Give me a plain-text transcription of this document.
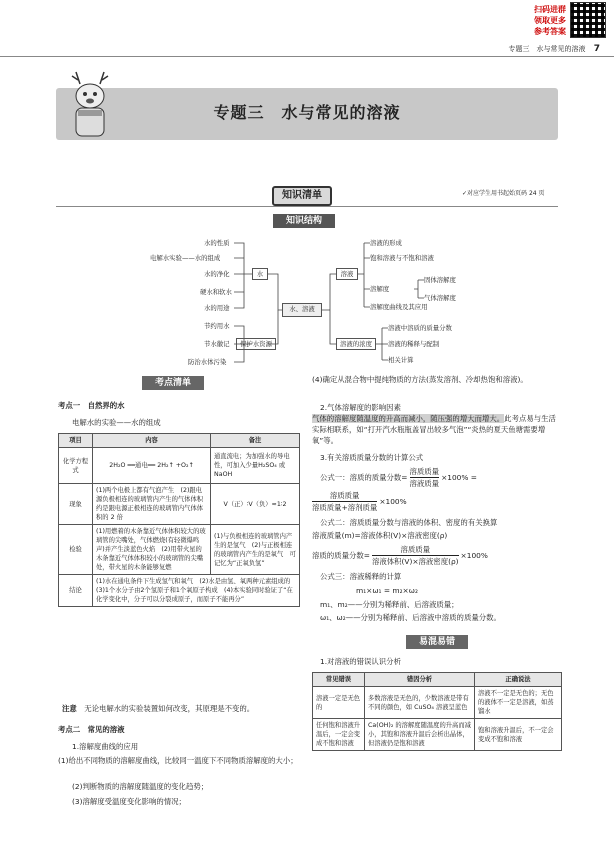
扫码进群
领取更多
参考答案
专题三　水与常见的溶液 7
专题三　水与常见的溶液
知识清单	✓对应学生用书起始页码 24 页
知识结构
水的性质
电解水实验——水的组成
水的净化
硬水和软水
水的用途
水
节约用水
节水徽记
防治水体污染
保护水资源
水、溶液
溶液
溶液的形成
饱和溶液与不饱和溶液
溶解度
固体溶解度
气体溶解度
溶解度曲线及其应用
溶液的浓度
溶液中溶质的质量分数
溶液的稀释与配制
相关计算
考点清单
考点一　自然界的水
电解水的实验——水的组成
项目	内容	备注
化学方程式	2H₂O ══通电══ 2H₂↑ +O₂↑	通直流电；为加强水的导电性，可加入少量H₂SO₄ 或 NaOH
现象	(1)两个电极上都有气泡产生　(2)跟电源负极相连的玻璃管内产生的气体体积约是跟电源正极相连的玻璃管内气体体积的 2 倍	V（正）∶V（负）≈1∶2
检验	(1)用燃着的木条靠近气体体积较大的玻璃管的尖嘴处，气体燃烧(有轻微爆鸣声)并产生淡蓝色火焰　(2)用带火星的木条靠近气体体积较小的玻璃管的尖嘴处，带火星的木条能够复燃	(1)与负极相连的玻璃管内产生的是氢气　(2)与正极相连的玻璃管内产生的是氧气　可记忆为“正氧负氢”
结论	(1)水在通电条件下生成氢气和氧气　(2)水是由氢、氧两种元素组成的　(3)1个水分子由2个氢原子和1个氧原子构成　(4)本实验同时验证了“在化学变化中，分子可以分裂成原子，而原子不能再分”	
注意　 无论电解水的实验装置如何改变，其原理是不变的。
考点二　常见的溶液
1.溶解度曲线的应用
(1)给出不同物质的溶解度曲线，比较同一温度下不同物质溶解度的大小；
(2)判断物质的溶解度随温度的变化趋势；
(3)溶解度受温度变化影响的情况；
(4)确定从混合物中提纯物质的方法(蒸发溶剂、冷却热饱和溶液)。
2.气体溶解度的影响因素
气体的溶解度随温度的升高而减小，随压强的增大而增大。此考点易与生活实际相联系，如“打开汽水瓶瓶盖冒出较多气泡”“炎热的夏天鱼塘需要增氧”等。
3.有关溶质质量分数的计算公式
公式一：溶质的质量分数=
溶质质量
溶液质量
×100% =
溶质质量
溶质质量+溶剂质量
×100%
公式二：溶质质量分数与溶液的体积、密度的有关换算
溶液质量(m)=溶液体积(V)×溶液密度(ρ)
溶质的质量分数=
溶质质量
溶液体积(V)×溶液密度(ρ)
×100%
公式三：溶液稀释的计算
m₁×ω₁ = m₂×ω₂
m₁、m₂——分别为稀释前、后溶液质量；
ω₁、ω₂——分别为稀释前、后溶液中溶质的质量分数。
易混易错
1.对溶液的错误认识分析
常见错误	错因分析	正确说法
溶液一定是无色的	多数溶液是无色的，少数溶液是带有不同的颜色，如 CuSO₄ 溶液呈蓝色	溶液不一定是无色的；无色的液体不一定是溶液，如蒸馏水
任何饱和溶液升温后，一定会变成不饱和溶液	Ca(OH)₂ 的溶解度随温度的升高而减小，其饱和溶液升温后会析出晶体，但溶液仍是饱和溶液	饱和溶液升温后，不一定会变成不饱和溶液
